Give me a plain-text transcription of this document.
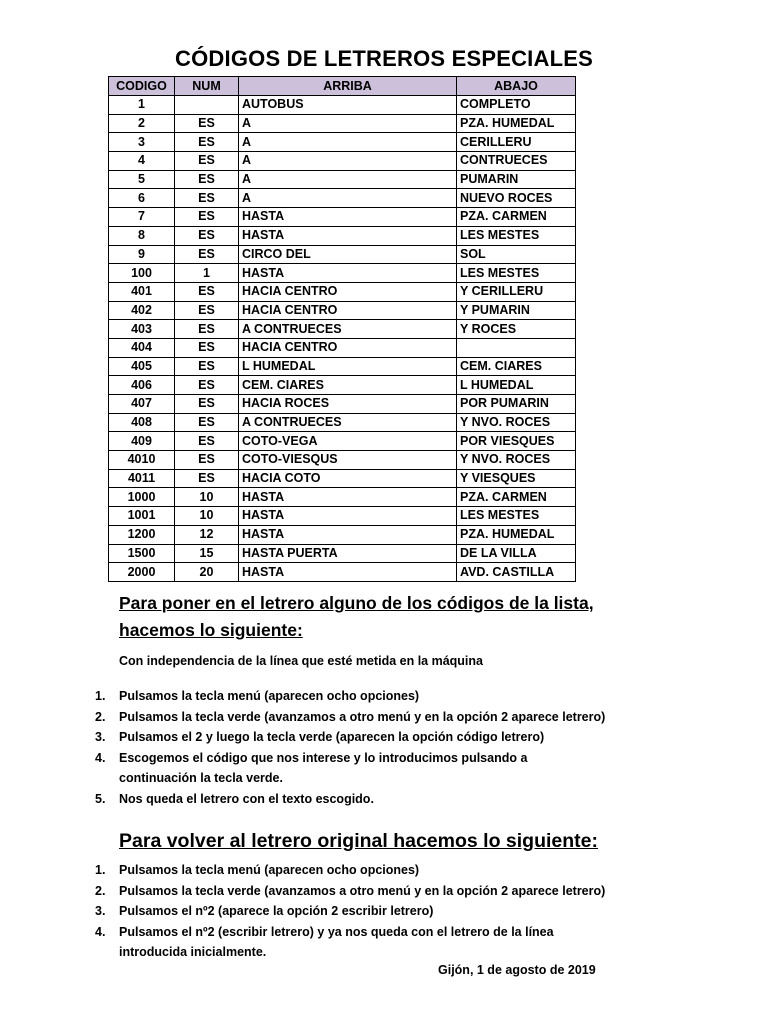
CÓDIGOS DE LETREROS ESPECIALES
CODIGO	NUM	ARRIBA	ABAJO
1		AUTOBUS	COMPLETO
2	ES	A	PZA. HUMEDAL
3	ES	A	CERILLERU
4	ES	A	CONTRUECES
5	ES	A	PUMARIN
6	ES	A	NUEVO ROCES
7	ES	HASTA	PZA. CARMEN
8	ES	HASTA	LES MESTES
9	ES	CIRCO DEL	SOL
100	1	HASTA	LES MESTES
401	ES	HACIA CENTRO	Y CERILLERU
402	ES	HACIA CENTRO	Y PUMARIN
403	ES	A CONTRUECES	Y ROCES
404	ES	HACIA CENTRO	
405	ES	L HUMEDAL	CEM. CIARES
406	ES	CEM. CIARES	L HUMEDAL
407	ES	HACIA ROCES	POR PUMARIN
408	ES	A CONTRUECES	Y NVO. ROCES
409	ES	COTO-VEGA	POR VIESQUES
4010	ES	COTO-VIESQUS	Y NVO. ROCES
4011	ES	HACIA COTO	Y VIESQUES
1000	10	HASTA	PZA. CARMEN
1001	10	HASTA	LES MESTES
1200	12	HASTA	PZA. HUMEDAL
1500	15	HASTA PUERTA	DE LA VILLA
2000	20	HASTA	AVD. CASTILLA
Para poner en el letrero alguno de los códigos de la lista,
hacemos lo siguiente:
Con independencia de la línea que esté metida en la máquina
1. Pulsamos la tecla menú (aparecen ocho opciones)
2. Pulsamos la tecla verde (avanzamos a otro menú y en la opción 2 aparece letrero)
3. Pulsamos el 2 y luego la tecla verde (aparecen la opción código letrero)
4. Escogemos el código que nos interese y lo introducimos pulsando a continuación la tecla verde.
5. Nos queda el letrero con el texto escogido.
Para volver al letrero original hacemos lo siguiente:
1. Pulsamos la tecla menú (aparecen ocho opciones)
2. Pulsamos la tecla verde (avanzamos a otro menú y en la opción 2 aparece letrero)
3. Pulsamos el nº2 (aparece la opción 2 escribir letrero)
4. Pulsamos el nº2 (escribir letrero) y ya nos queda con el letrero de la línea introducida inicialmente.
Gijón, 1 de agosto de 2019
